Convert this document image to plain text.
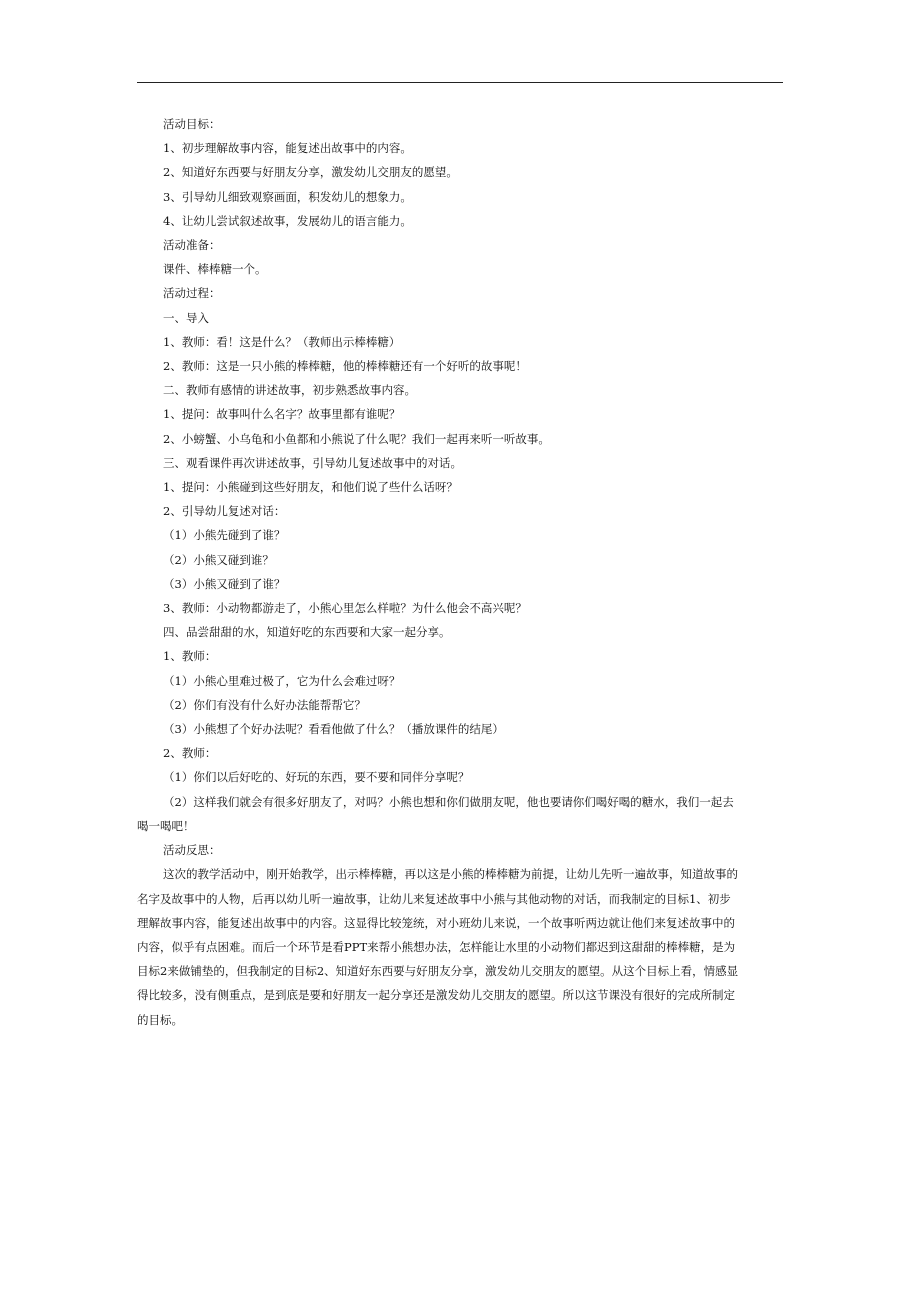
活动目标：

1、初步理解故事内容，能复述出故事中的内容。

2、知道好东西要与好朋友分享，激发幼儿交朋友的愿望。

3、引导幼儿细致观察画面，积发幼儿的想象力。

4、让幼儿尝试叙述故事，发展幼儿的语言能力。

活动准备：

课件、棒棒糖一个。

活动过程：

一、导入

1、教师：看！这是什么？（教师出示棒棒糖）

2、教师：这是一只小熊的棒棒糖，他的棒棒糖还有一个好听的故事呢！

二、教师有感情的讲述故事，初步熟悉故事内容。

1、提问：故事叫什么名字？故事里都有谁呢？

2、小螃蟹、小乌龟和小鱼都和小熊说了什么呢？我们一起再来听一听故事。

三、观看课件再次讲述故事，引导幼儿复述故事中的对话。

1、提问：小熊碰到这些好朋友，和他们说了些什么话呀？

2、引导幼儿复述对话：

（1）小熊先碰到了谁？

（2）小熊又碰到谁？

（3）小熊又碰到了谁？

3、教师：小动物都游走了，小熊心里怎么样啦？为什么他会不高兴呢？

四、品尝甜甜的水，知道好吃的东西要和大家一起分享。

1、教师：

（1）小熊心里难过极了，它为什么会难过呀？

（2）你们有没有什么好办法能帮帮它？

（3）小熊想了个好办法呢？看看他做了什么？（播放课件的结尾）

2、教师：

（1）你们以后好吃的、好玩的东西，要不要和同伴分享呢？

（2）这样我们就会有很多好朋友了，对吗？小熊也想和你们做朋友呢，他也要请你们喝好喝的糖水，我们一起去

喝一喝吧！

活动反思：

这次的教学活动中，刚开始教学，出示棒棒糖，再以这是小熊的棒棒糖为前提，让幼儿先听一遍故事，知道故事的

名字及故事中的人物，后再以幼儿听一遍故事，让幼儿来复述故事中小熊与其他动物的对话，而我制定的目标1、初步

理解故事内容，能复述出故事中的内容。这显得比较笼统，对小班幼儿来说，一个故事听两边就让他们来复述故事中的

内容，似乎有点困难。而后一个环节是看PPT来帮小熊想办法，怎样能让水里的小动物们都迟到这甜甜的棒棒糖，是为

目标2来做铺垫的，但我制定的目标2、知道好东西要与好朋友分享，激发幼儿交朋友的愿望。从这个目标上看，情感显

得比较多，没有侧重点，是到底是要和好朋友一起分享还是激发幼儿交朋友的愿望。所以这节课没有很好的完成所制定

的目标。
